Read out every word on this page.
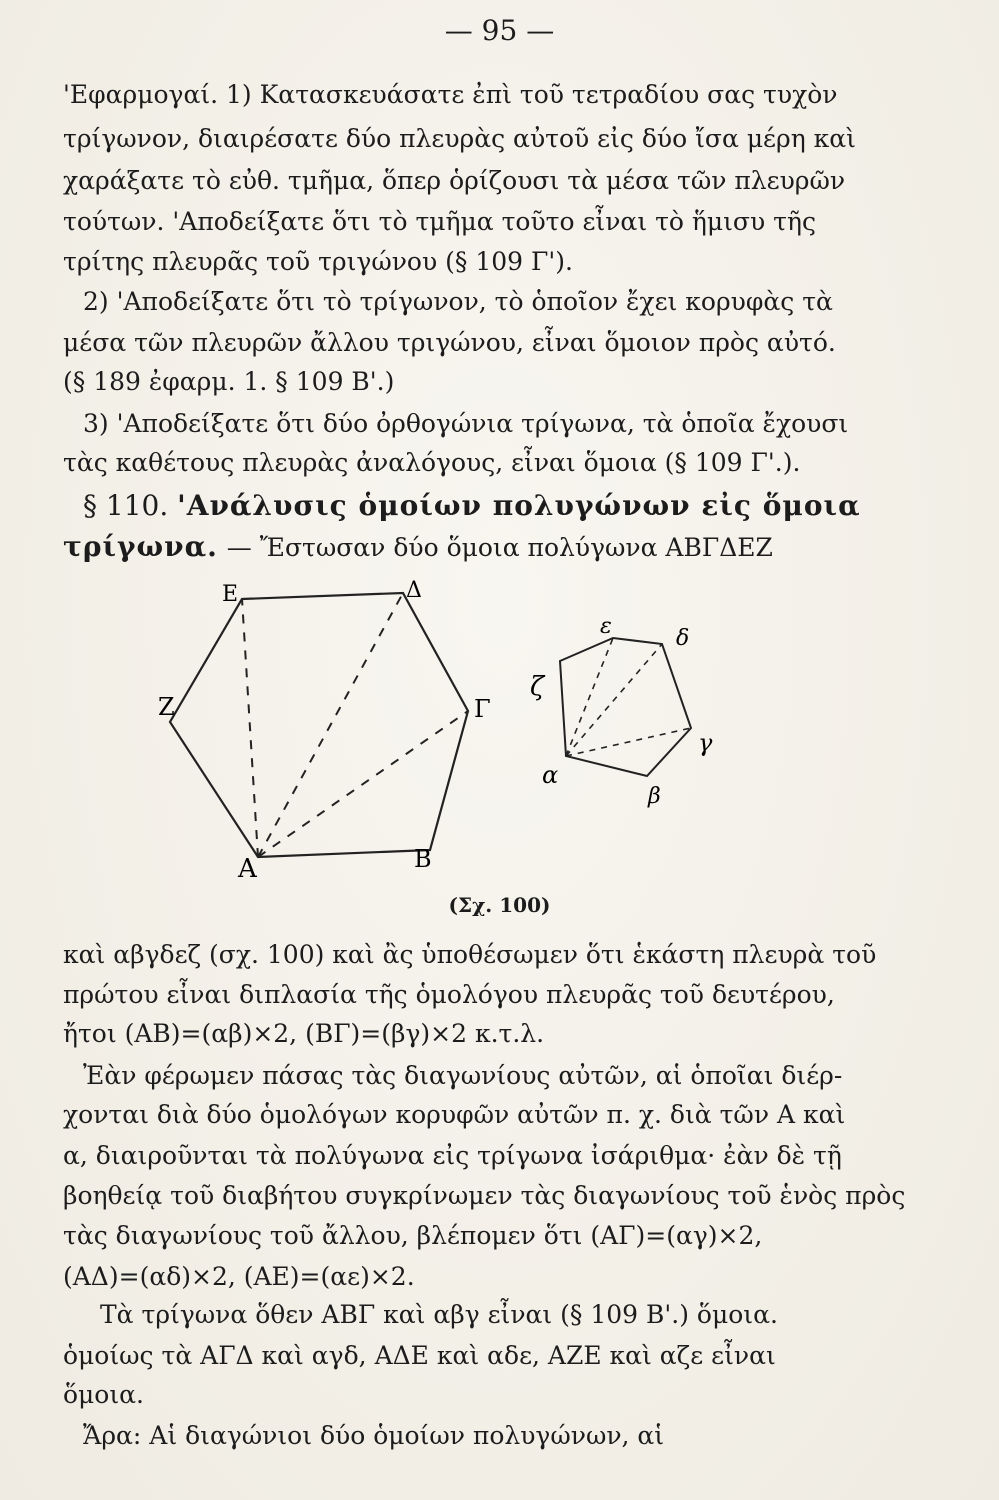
— 95 —
'Εφαρμογαί. 1) Κατασκευάσατε ἐπὶ τοῦ τετραδίου σας τυχὸν
τρίγωνον, διαιρέσατε δύο πλευρὰς αὐτοῦ εἰς δύο ἴσα μέρη καὶ
χαράξατε τὸ εὐθ. τμῆμα, ὅπερ ὁρίζουσι τὰ μέσα τῶν πλευρῶν
τούτων. 'Αποδείξατε ὅτι τὸ τμῆμα τοῦτο εἶναι τὸ ἥμισυ τῆς
τρίτης πλευρᾶς τοῦ τριγώνου (§ 109 Γ').
2) 'Αποδείξατε ὅτι τὸ τρίγωνον, τὸ ὁποῖον ἔχει κορυφὰς τὰ
μέσα τῶν πλευρῶν ἄλλου τριγώνου, εἶναι ὅμοιον πρὸς αὐτό.
(§ 189 ἐφαρμ. 1. § 109 Β'.)
3) 'Αποδείξατε ὅτι δύο ὀρθογώνια τρίγωνα, τὰ ὁποῖα ἔχουσι
τὰς καθέτους πλευρὰς ἀναλόγους, εἶναι ὅμοια (§ 109 Γ'.).
§ 110. 'Ανάλυσις ὁμοίων πολυγώνων εἰς ὅμοια
τρίγωνα. — Ἔστωσαν δύο ὅμοια πολύγωνα ΑΒΓΔΕΖ
Α	Β
Γ
Δ
Ε
Ζ
α
β
γ
δ
ε
ζ
(Σχ. 100)
καὶ αβγδεζ (σχ. 100) καὶ ἂς ὑποθέσωμεν ὅτι ἑκάστη πλευρὰ τοῦ
πρώτου εἶναι διπλασία τῆς ὁμολόγου πλευρᾶς τοῦ δευτέρου,
ἤτοι (ΑΒ)=(αβ)×2, (ΒΓ)=(βγ)×2 κ.τ.λ.
Ἐὰν φέρωμεν πάσας τὰς διαγωνίους αὐτῶν, αἱ ὁποῖαι διέρ-
χονται διὰ δύο ὁμολόγων κορυφῶν αὐτῶν π. χ. διὰ τῶν Α καὶ
α, διαιροῦνται τὰ πολύγωνα εἰς τρίγωνα ἰσάριθμα· ἐὰν δὲ τῇ
βοηθείᾳ τοῦ διαβήτου συγκρίνωμεν τὰς διαγωνίους τοῦ ἑνὸς πρὸς
τὰς διαγωνίους τοῦ ἄλλου, βλέπομεν ὅτι (ΑΓ)=(αγ)×2,
(ΑΔ)=(αδ)×2, (ΑΕ)=(αε)×2.
Τὰ τρίγωνα ὅθεν ΑΒΓ καὶ αβγ εἶναι (§ 109 Β'.) ὅμοια.
ὁμοίως τὰ ΑΓΔ καὶ αγδ, ΑΔΕ καὶ αδε, ΑΖΕ καὶ αζε εἶναι
ὅμοια.
Ἄρα: Αἱ διαγώνιοι δύο ὁμοίων πολυγώνων, αἱ
